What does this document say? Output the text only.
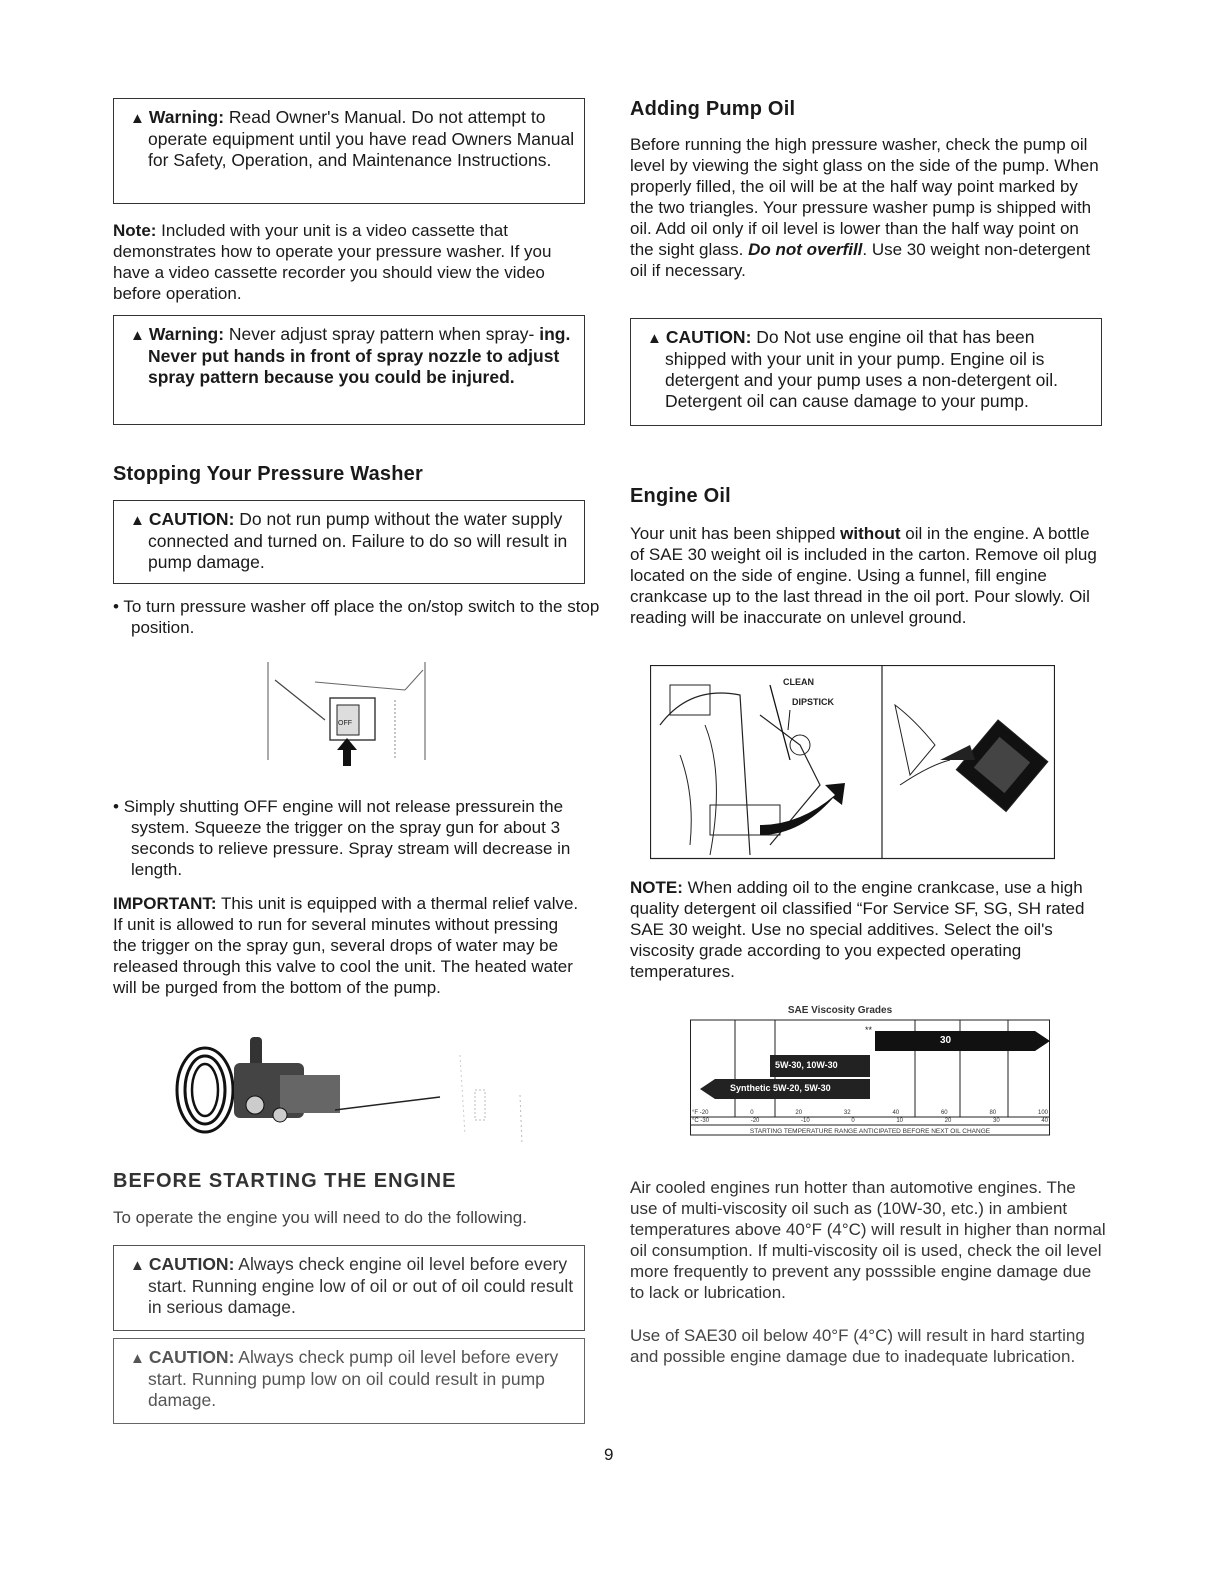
▲ Warning: Read Owner's Manual. Do not attempt to operate equipment until you have read Owners Manual for Safety, Operation, and Maintenance Instructions.

Note: Included with your unit is a video cassette that demonstrates how to operate your pressure washer. If you have a video cassette recorder you should view the video before operation.

▲ Warning: Never adjust spray pattern when spray- ing. Never put hands in front of spray nozzle to adjust spray pattern because you could be injured.

Stopping Your Pressure Washer

▲ CAUTION: Do not run pump without the water supply connected and turned on. Failure to do so will result in pump damage.

• To turn pressure washer off place the on/stop switch to the stop position.

OFF

• Simply shutting OFF engine will not release pressurein the system. Squeeze the trigger on the spray gun for about 3 seconds to relieve pressure. Spray stream will decrease in length.

IMPORTANT: This unit is equipped with a thermal relief valve. If unit is allowed to run for several minutes without pressing the trigger on the spray gun, several drops of water may be released through this valve to cool the unit. The heated water will be purged from the bottom of the pump.

BEFORE STARTING THE ENGINE

To operate the engine you will need to do the following.

▲ CAUTION: Always check engine oil level before every start. Running engine low of oil or out of oil could result in serious damage.

▲ CAUTION: Always check pump oil level before every start. Running pump low on oil could result in pump damage.

Adding Pump Oil

Before running the high pressure washer, check the pump oil level by viewing the sight glass on the side of the pump. When properly filled, the oil will be at the half way point marked by the two triangles. Your pressure washer pump is shipped with oil. Add oil only if oil level is lower than the half way point on the sight glass. Do not overfill. Use 30 weight non-detergent oil if necessary.

▲ CAUTION: Do Not use engine oil that has been shipped with your unit in your pump. Engine oil is detergent and your pump uses a non-detergent oil. Detergent oil can cause damage to your pump.

Engine Oil

Your unit has been shipped without oil in the engine. A bottle of SAE 30 weight oil is included in the carton. Remove oil plug located on the side of engine. Using a funnel, fill engine crankcase up to the last thread in the oil port. Pour slowly. Oil reading will be inaccurate on unlevel ground.

CLEAN
DIPSTICK

NOTE: When adding oil to the engine crankcase, use a high quality detergent oil classified “For Service SF, SG, SH rated SAE 30 weight. Use no special additives. Select the oil's viscosity grade according to you expected operating temperatures.

SAE Viscosity Grades
30
**
5W-30, 10W-30
Synthetic 5W-20, 5W-30
°F -20	0	20	32	40	60	80	100
°C -30	-20	-10	0	10	20	30	40
STARTING TEMPERATURE RANGE ANTICIPATED BEFORE NEXT OIL CHANGE

Air cooled engines run hotter than automotive engines. The use of multi-viscosity oil such as (10W-30, etc.) in ambient temperatures above 40°F (4°C) will result in higher than normal oil consumption. If multi-viscosity oil is used, check the oil level more frequently to prevent any posssible engine damage due to lack or lubrication.

Use of SAE30 oil below 40°F (4°C) will result in hard starting and possible engine damage due to inadequate lubrication.

9
